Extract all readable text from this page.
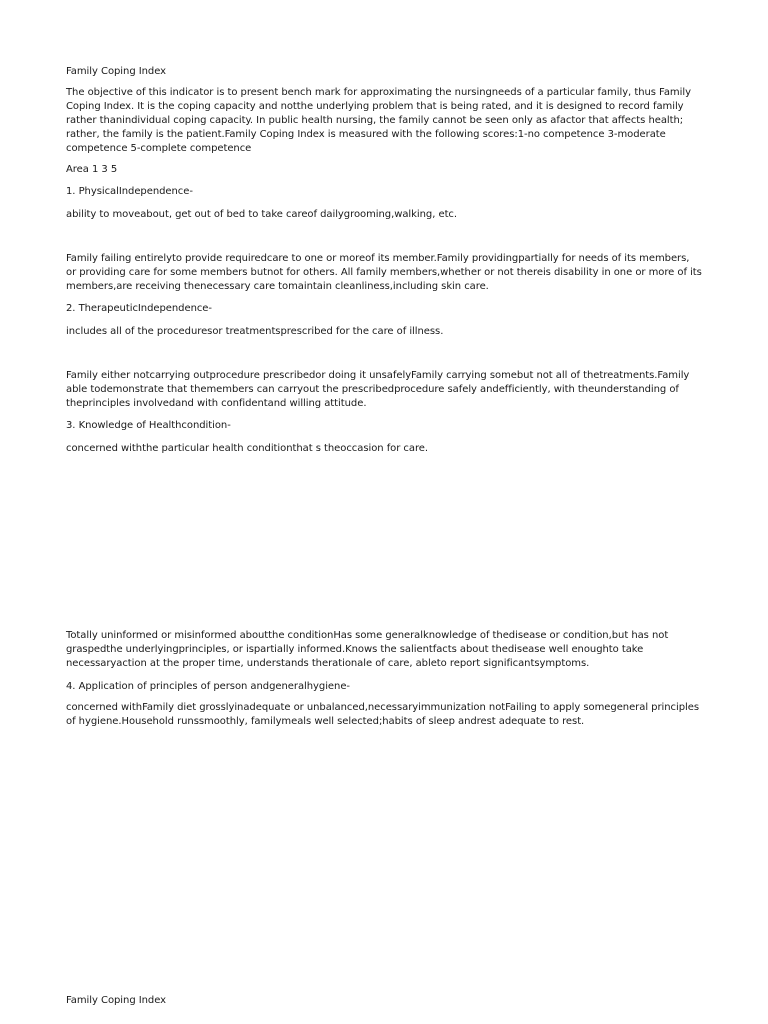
Family Coping Index

The objective of this indicator is to present bench mark for approximating the nursingneeds of a particular family, thus Family Coping Index. It is the coping capacity and notthe underlying problem that is being rated, and it is designed to record family rather thanindividual coping capacity. In public health nursing, the family cannot be seen only as afactor that affects health; rather, the family is the patient.Family Coping Index is measured with the following scores:1-no competence 3-moderate competence 5-complete competence

Area 1 3 5

1. PhysicalIndependence-

ability to moveabout, get out of bed to take careof dailygrooming,walking, etc.

Family failing entirelyto provide requiredcare to one or moreof its member.Family providingpartially for needs of its members, or providing care for some members butnot for others. All family members,whether or not thereis disability in one or more of its members,are receiving thenecessary care tomaintain cleanliness,including skin care.

2. TherapeuticIndependence-

includes all of the proceduresor treatmentsprescribed for the care of illness.

Family either notcarrying outprocedure prescribedor doing it unsafelyFamily carrying somebut not all of thetreatments.Family able todemonstrate that themembers can carryout the prescribedprocedure safely andefficiently, with theunderstanding of theprinciples involvedand with confidentand willing attitude.

3. Knowledge of Healthcondition-

concerned withthe particular health conditionthat s theoccasion for care.

Totally uninformed or misinformed aboutthe conditionHas some generalknowledge of thedisease or condition,but has not graspedthe underlyingprinciples, or ispartially informed.Knows the salientfacts about thedisease well enoughto take necessaryaction at the proper time, understands therationale of care, ableto report significantsymptoms.

4. Application of principles of person andgeneralhygiene-

concerned withFamily diet grosslyinadequate or unbalanced,necessaryimmunization notFailing to apply somegeneral principles of hygiene.Household runssmoothly, familymeals well selected;habits of sleep andrest adequate to rest.

Family Coping Index
